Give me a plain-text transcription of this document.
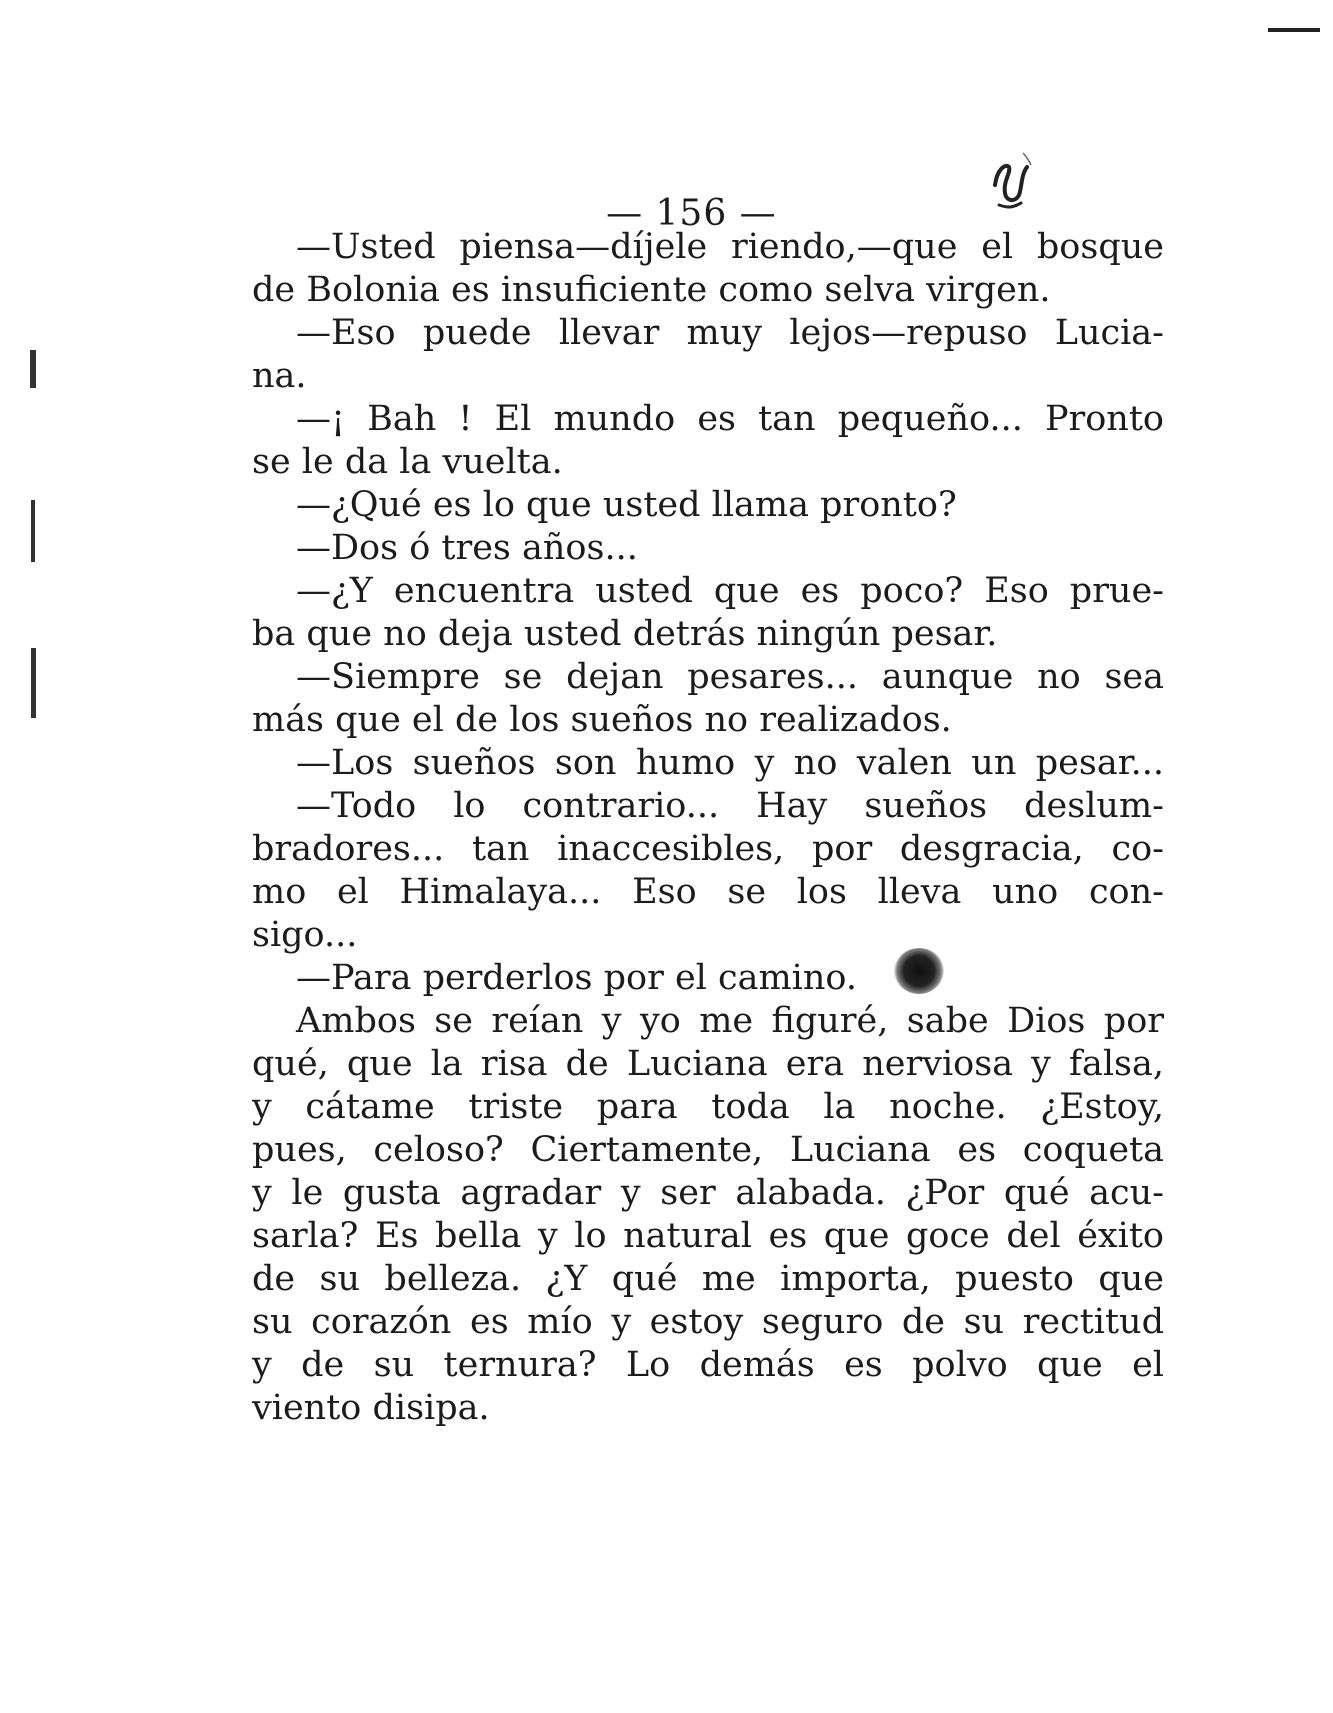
— 156 —

—Usted piensa—díjele riendo,—que el bosque
de Bolonia es insuficiente como selva virgen.
—Eso puede llevar muy lejos—repuso Lucia-
na.
—¡ Bah ! El mundo es tan pequeño... Pronto
se le da la vuelta.
—¿Qué es lo que usted llama pronto?
—Dos ó tres años...
—¿Y encuentra usted que es poco? Eso prue-
ba que no deja usted detrás ningún pesar.
—Siempre se dejan pesares... aunque no sea
más que el de los sueños no realizados.
—Los sueños son humo y no valen un pesar...
—Todo lo contrario... Hay sueños deslum-
bradores... tan inaccesibles, por desgracia, co-
mo el Himalaya... Eso se los lleva uno con-
sigo...
—Para perderlos por el camino.
Ambos se reían y yo me figuré, sabe Dios por
qué, que la risa de Luciana era nerviosa y falsa,
y cátame triste para toda la noche. ¿Estoy,
pues, celoso? Ciertamente, Luciana es coqueta
y le gusta agradar y ser alabada. ¿Por qué acu-
sarla? Es bella y lo natural es que goce del éxito
de su belleza. ¿Y qué me importa, puesto que
su corazón es mío y estoy seguro de su rectitud
y de su ternura? Lo demás es polvo que el
viento disipa.
